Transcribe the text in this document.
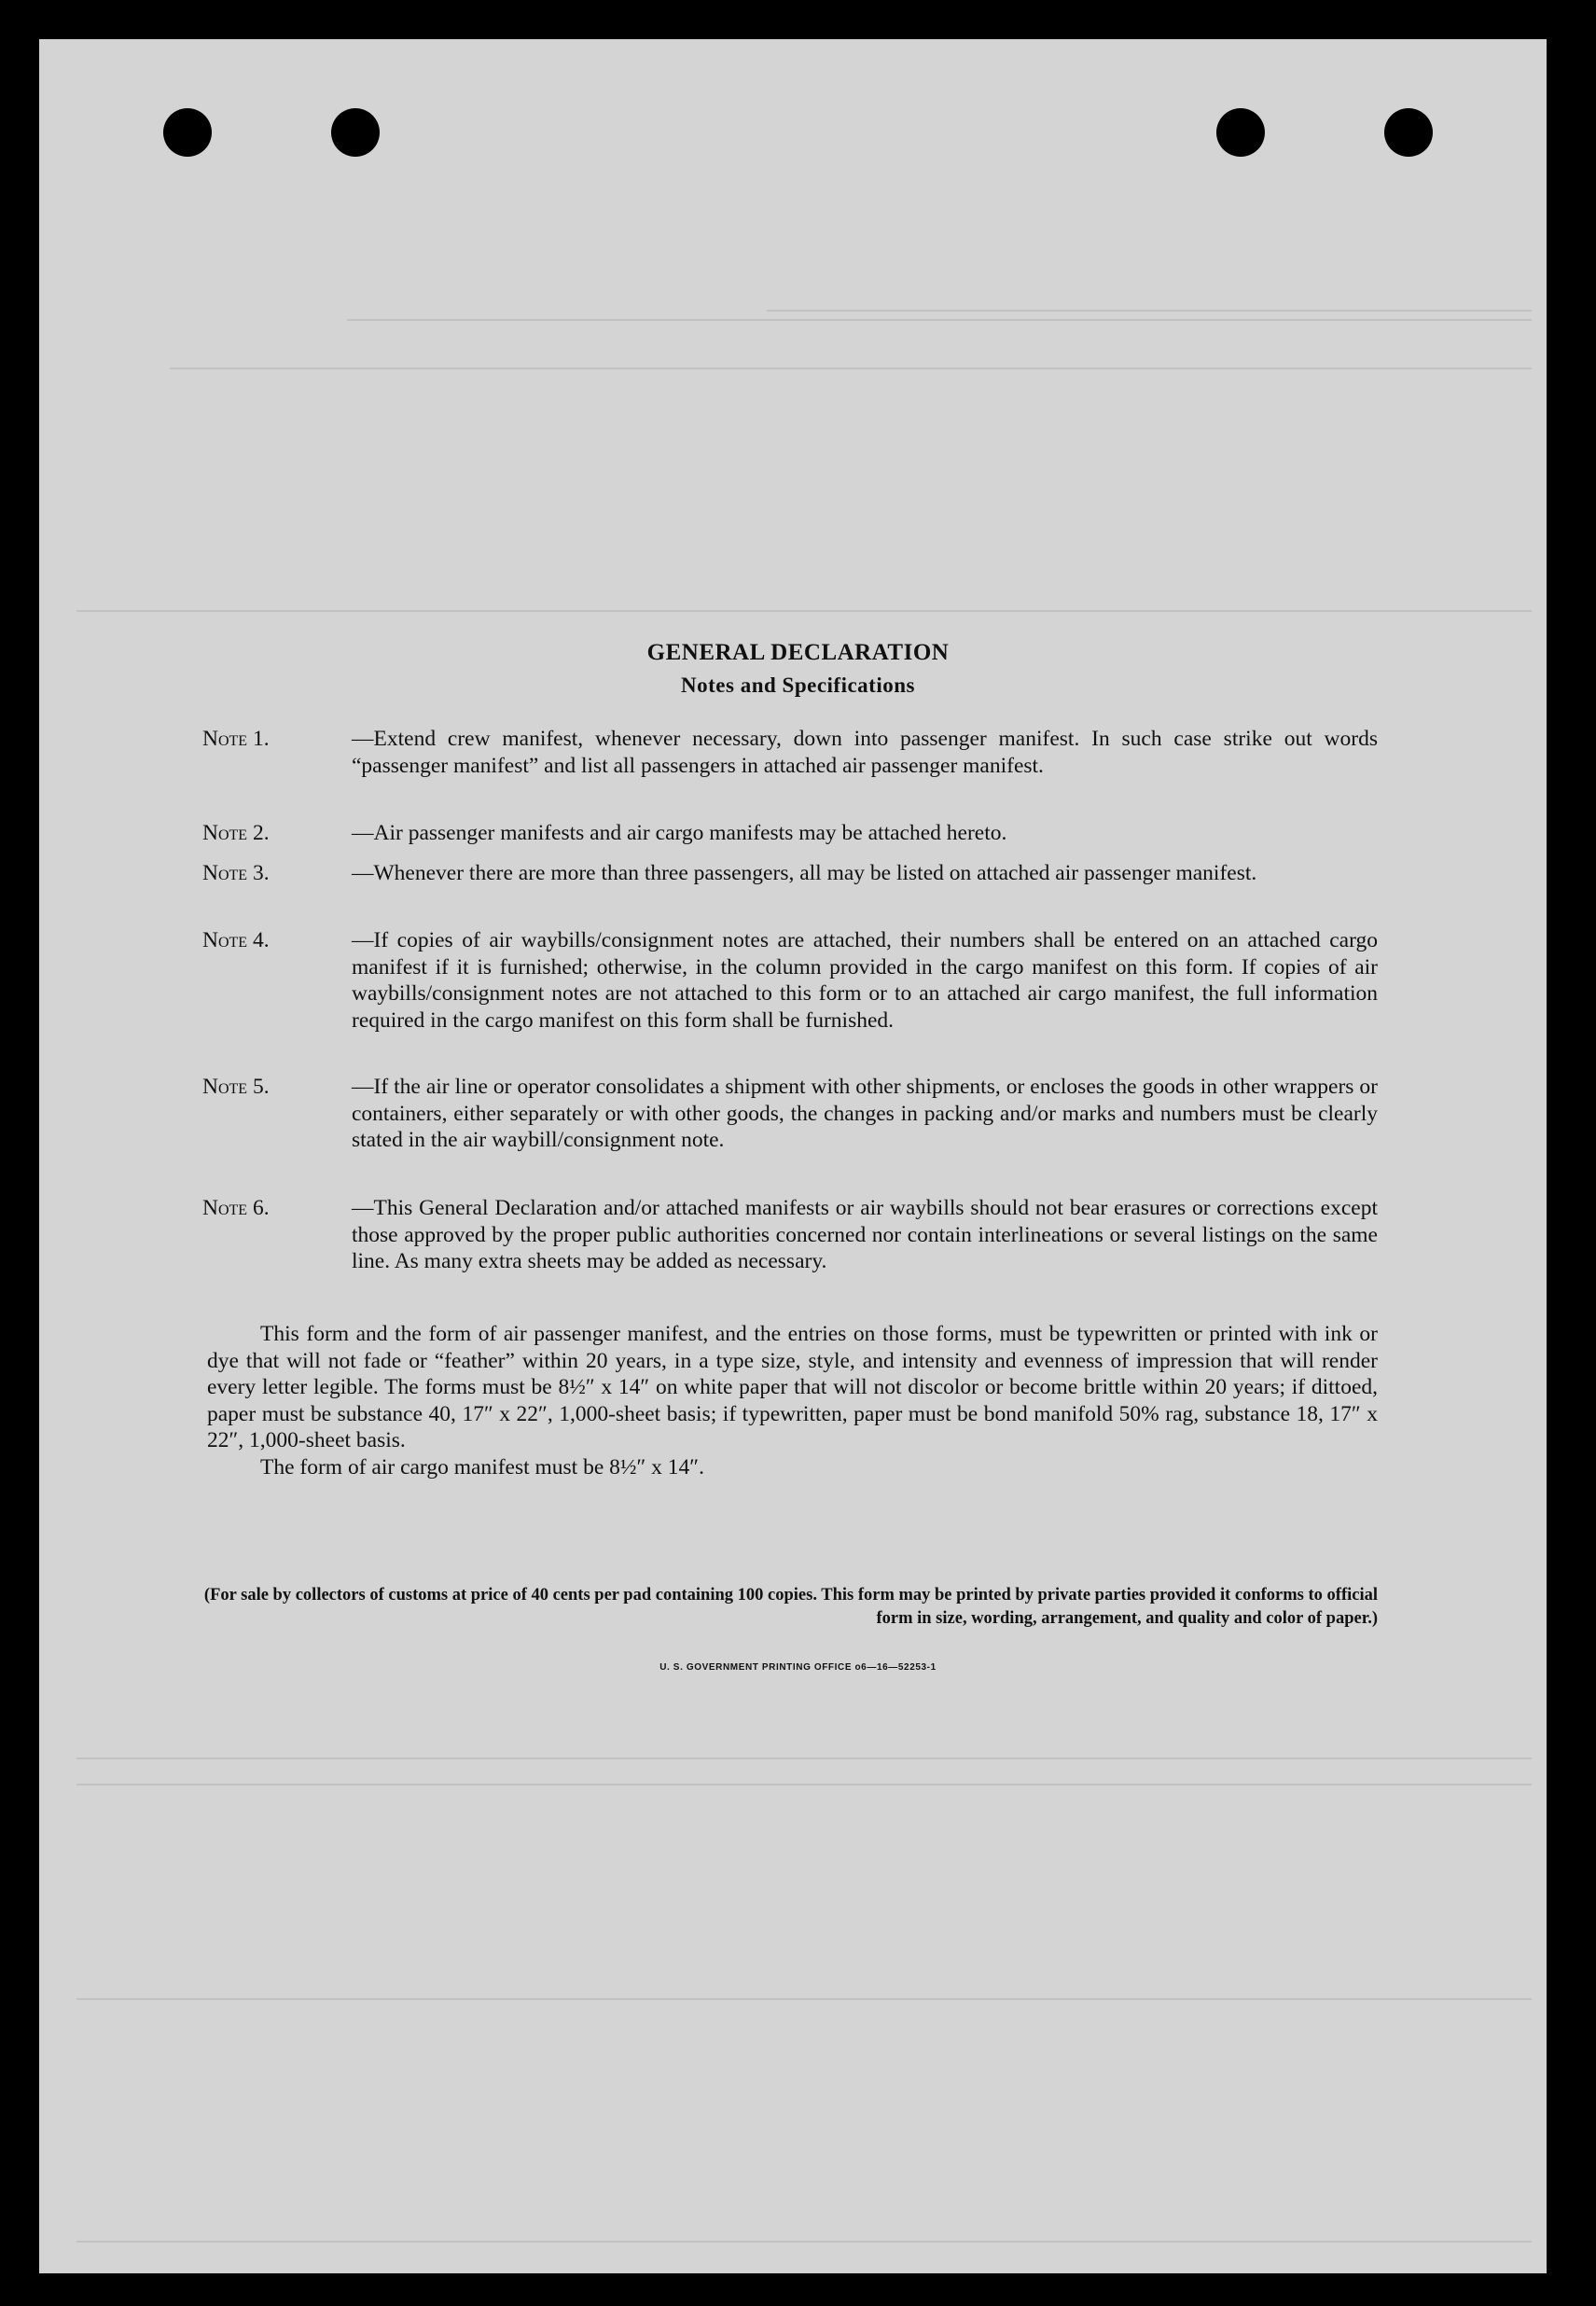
GENERAL DECLARATION
Notes and Specifications
Note 1.	—Extend crew manifest, whenever necessary, down into passenger manifest. In such case strike out words “passenger manifest” and list all passengers in attached air passenger manifest.
Note 2.	—Air passenger manifests and air cargo manifests may be attached hereto.
Note 3.	—Whenever there are more than three passengers, all may be listed on attached air passenger manifest.
Note 4.	—If copies of air waybills/consignment notes are attached, their numbers shall be entered on an attached cargo manifest if it is furnished; otherwise, in the column provided in the cargo manifest on this form. If copies of air waybills/consignment notes are not attached to this form or to an attached air cargo manifest, the full information required in the cargo manifest on this form shall be furnished.
Note 5.	—If the air line or operator consolidates a shipment with other shipments, or encloses the goods in other wrappers or containers, either separately or with other goods, the changes in packing and/or marks and numbers must be clearly stated in the air waybill/consignment note.
Note 6.	—This General Declaration and/or attached manifests or air waybills should not bear erasures or corrections except those approved by the proper public authorities concerned nor contain interlineations or several listings on the same line. As many extra sheets may be added as necessary.
This form and the form of air passenger manifest, and the entries on those forms, must be typewritten or printed with ink or dye that will not fade or “feather” within 20 years, in a type size, style, and intensity and evenness of impression that will render every letter legible. The forms must be 8½″ x 14″ on white paper that will not discolor or become brittle within 20 years; if dittoed, paper must be substance 40, 17″ x 22″, 1,000-sheet basis; if typewritten, paper must be bond manifold 50% rag, substance 18, 17″ x 22″, 1,000-sheet basis.
The form of air cargo manifest must be 8½″ x 14″.
(For sale by collectors of customs at price of 40 cents per pad containing 100 copies. This form may be printed by private parties provided it conforms to official form in size, wording, arrangement, and quality and color of paper.)
U. S. GOVERNMENT PRINTING OFFICE o6—16—52253-1
